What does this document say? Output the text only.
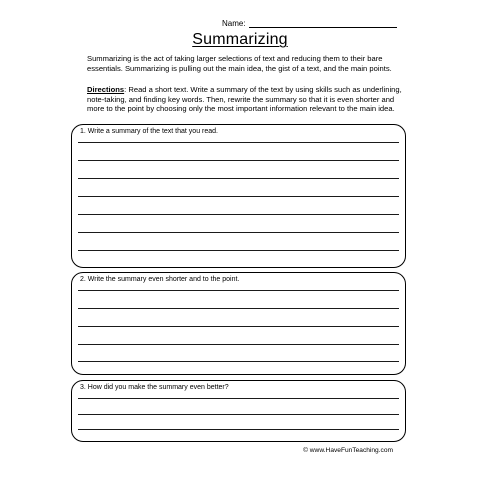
Name:
Summarizing
Summarizing is the act of taking larger selections of text and reducing them to their bare essentials. Summarizing is pulling out the main idea, the gist of a text, and the main points.
Directions: Read a short text. Write a summary of the text by using skills such as underlining, note-taking, and finding key words. Then, rewrite the summary so that it is even shorter and more to the point by choosing only the most important information relevant to the main idea.
1. Write a summary of the text that you read.
2. Write the summary even shorter and to the point.
3. How did you make the summary even better?
© www.HaveFunTeaching.com
